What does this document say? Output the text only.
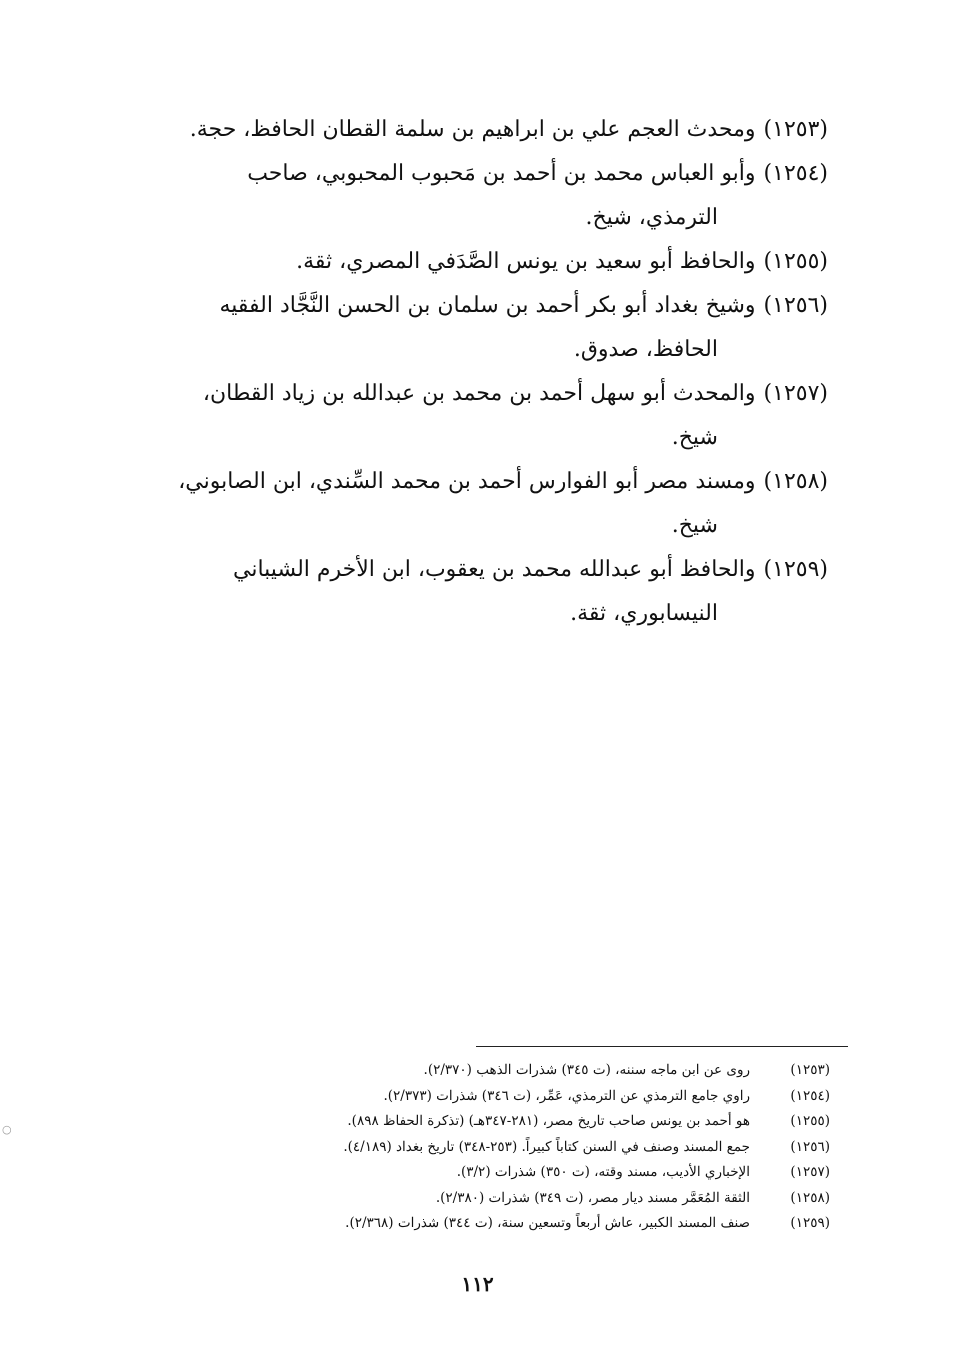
(١٢٥٣)ومحدث العجم علي بن ابراهيم بن سلمة القطان الحافظ، حجة.

(١٢٥٤)وأبو العباس محمد بن أحمد بن مَحبوب المحبوبي، صاحب
الترمذي، شيخ.

(١٢٥٥)والحافظ أبو سعيد بن يونس الصَّدَفي المصري، ثقة.

(١٢٥٦)وشيخ بغداد أبو بكر أحمد بن سلمان بن الحسن النَّجَّاد الفقيه
الحافظ، صدوق.

(١٢٥٧)والمحدث أبو سهل أحمد بن محمد بن عبدالله بن زياد القطان،
شيخ.

(١٢٥٨)ومسند مصر أبو الفوارس أحمد بن محمد السِّندي، ابن الصابوني،
شيخ.

(١٢٥٩)والحافظ أبو عبدالله محمد بن يعقوب، ابن الأخرم الشيباني
النيسابوري، ثقة.

(١٢٥٣)روى عن ابن ماجه سننه، (ت ٣٤٥) شذرات الذهب (٢/٣٧٠).
(١٢٥٤)راوي جامع الترمذي عن الترمذي، عَمِّر، (ت ٣٤٦) شذرات (٢/٣٧٣).
(١٢٥٥)هو أحمد بن يونس صاحب تاريخ مصر، (٢٨١-٣٤٧هـ) (تذكرة الحفاظ ٨٩٨).
(١٢٥٦)جمع المسند وصنف في السنن كتاباً كبيراً. (٢٥٣-٣٤٨) تاريخ بغداد (٤/١٨٩).
(١٢٥٧)الإخباري الأديب، مسند وقته، (ت ٣٥٠) شذرات (٣/٢).
(١٢٥٨)الثقة المُعَمَّر مسند ديار مصر، (ت ٣٤٩) شذرات (٢/٣٨٠).
(١٢٥٩)صنف المسند الكبير، عاش أربعاً وتسعين سنة، (ت ٣٤٤) شذرات (٢/٣٦٨).
١١٢
○
